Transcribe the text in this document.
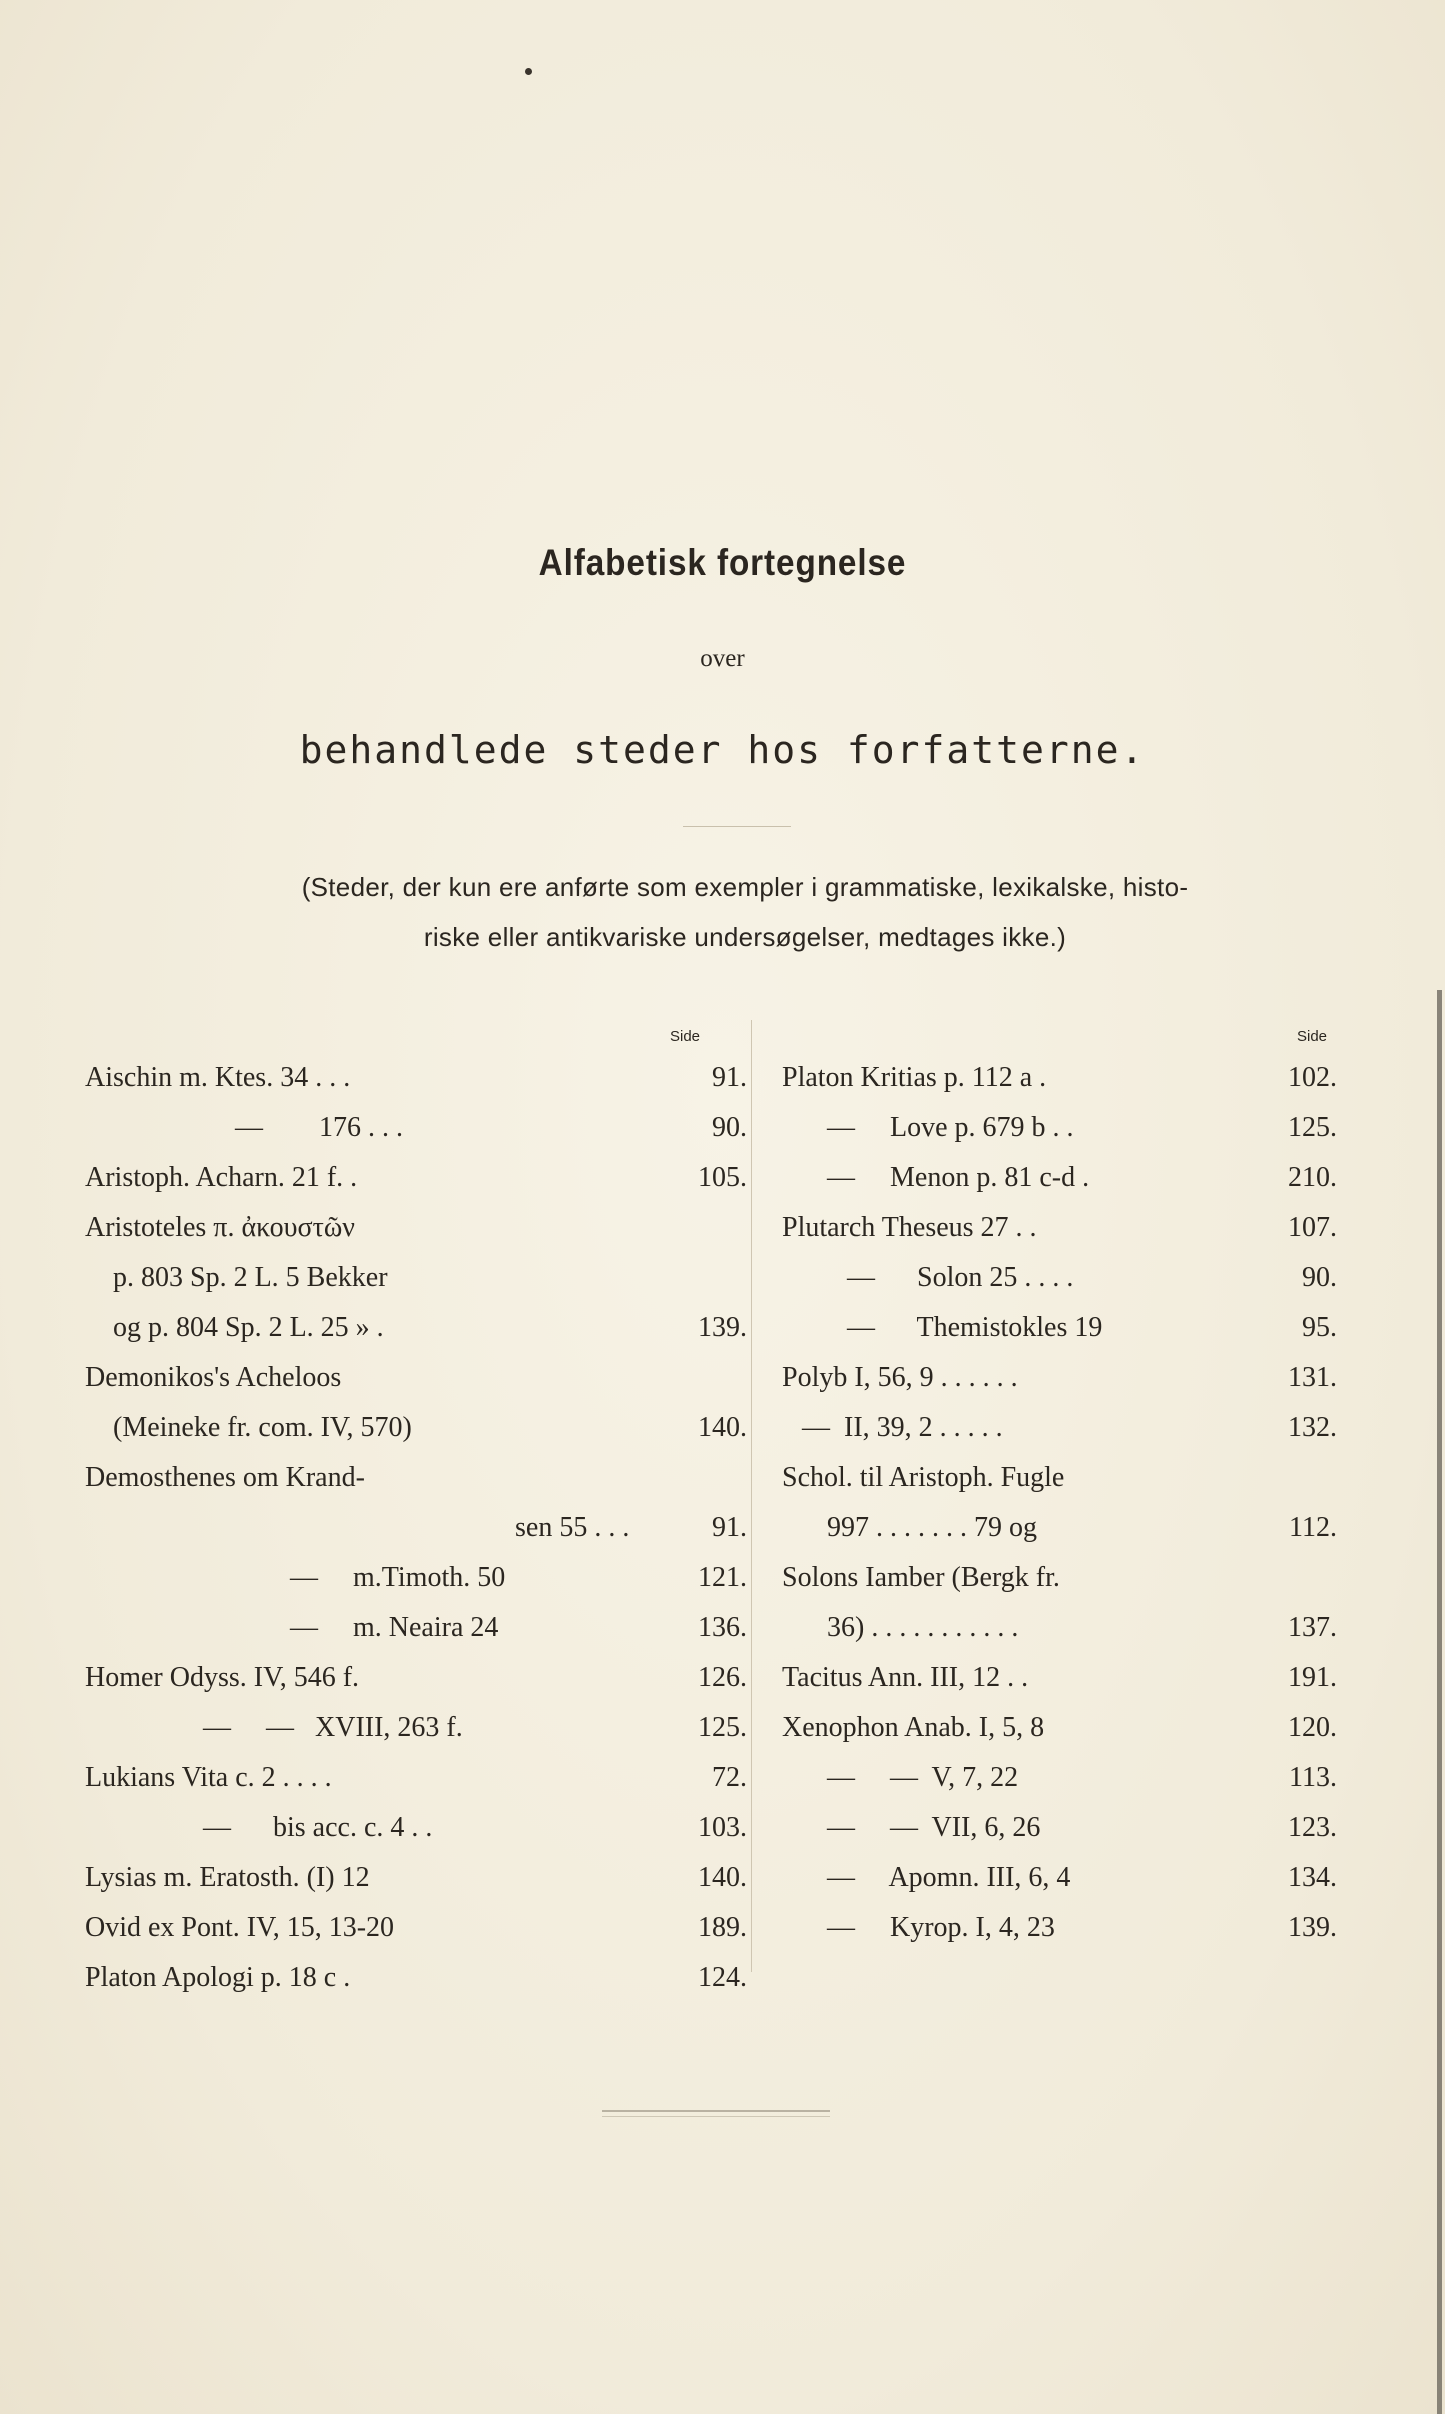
Alfabetisk fortegnelse
over
behandlede steder hos forfatterne.
(Steder, der kun ere anførte som exempler i grammatiske, lexikalske, histo-
riske eller antikvariske undersøgelser, medtages ikke.)
Side	Side
Aischin m. Ktes. 34 . . .	91.
—        176 . . .	90.
Aristoph. Acharn. 21 f. .	105.
Aristoteles π. ἀκουστῶν
p. 803 Sp. 2 L. 5 Bekker
og p. 804 Sp. 2 L. 25 » .	139.
Demonikos's Acheloos
(Meineke fr. com. IV, 570)	140.
Demosthenes om Krand-
sen 55 . . .	91.
—     m.Timoth. 50	121.
—     m. Neaira 24	136.
Homer Odyss. IV, 546 f.	126.
—     —   XVIII, 263 f.	125.
Lukians Vita c. 2 . . . .	72.
—      bis acc. c. 4 . .	103.
Lysias m. Eratosth. (I) 12	140.
Ovid ex Pont. IV, 15, 13-20	189.
Platon Apologi p. 18 c .	124.
Platon Kritias p. 112 a .	102.
—     Love p. 679 b . .	125.
—     Menon p. 81 c-d .	210.
Plutarch Theseus 27 . .	107.
—      Solon 25 . . . .	90.
—      Themistokles 19	95.
Polyb I, 56, 9 . . . . . .	131.
—  II, 39, 2 . . . . .	132.
Schol. til Aristoph. Fugle
997 . . . . . . . 79 og	112.
Solons Iamber (Bergk fr.
36) . . . . . . . . . . .	137.
Tacitus Ann. III, 12 . .	191.
Xenophon Anab. I, 5, 8	120.
—     —  V, 7, 22	113.
—     —  VII, 6, 26	123.
—     Apomn. III, 6, 4	134.
—     Kyrop. I, 4, 23	139.
